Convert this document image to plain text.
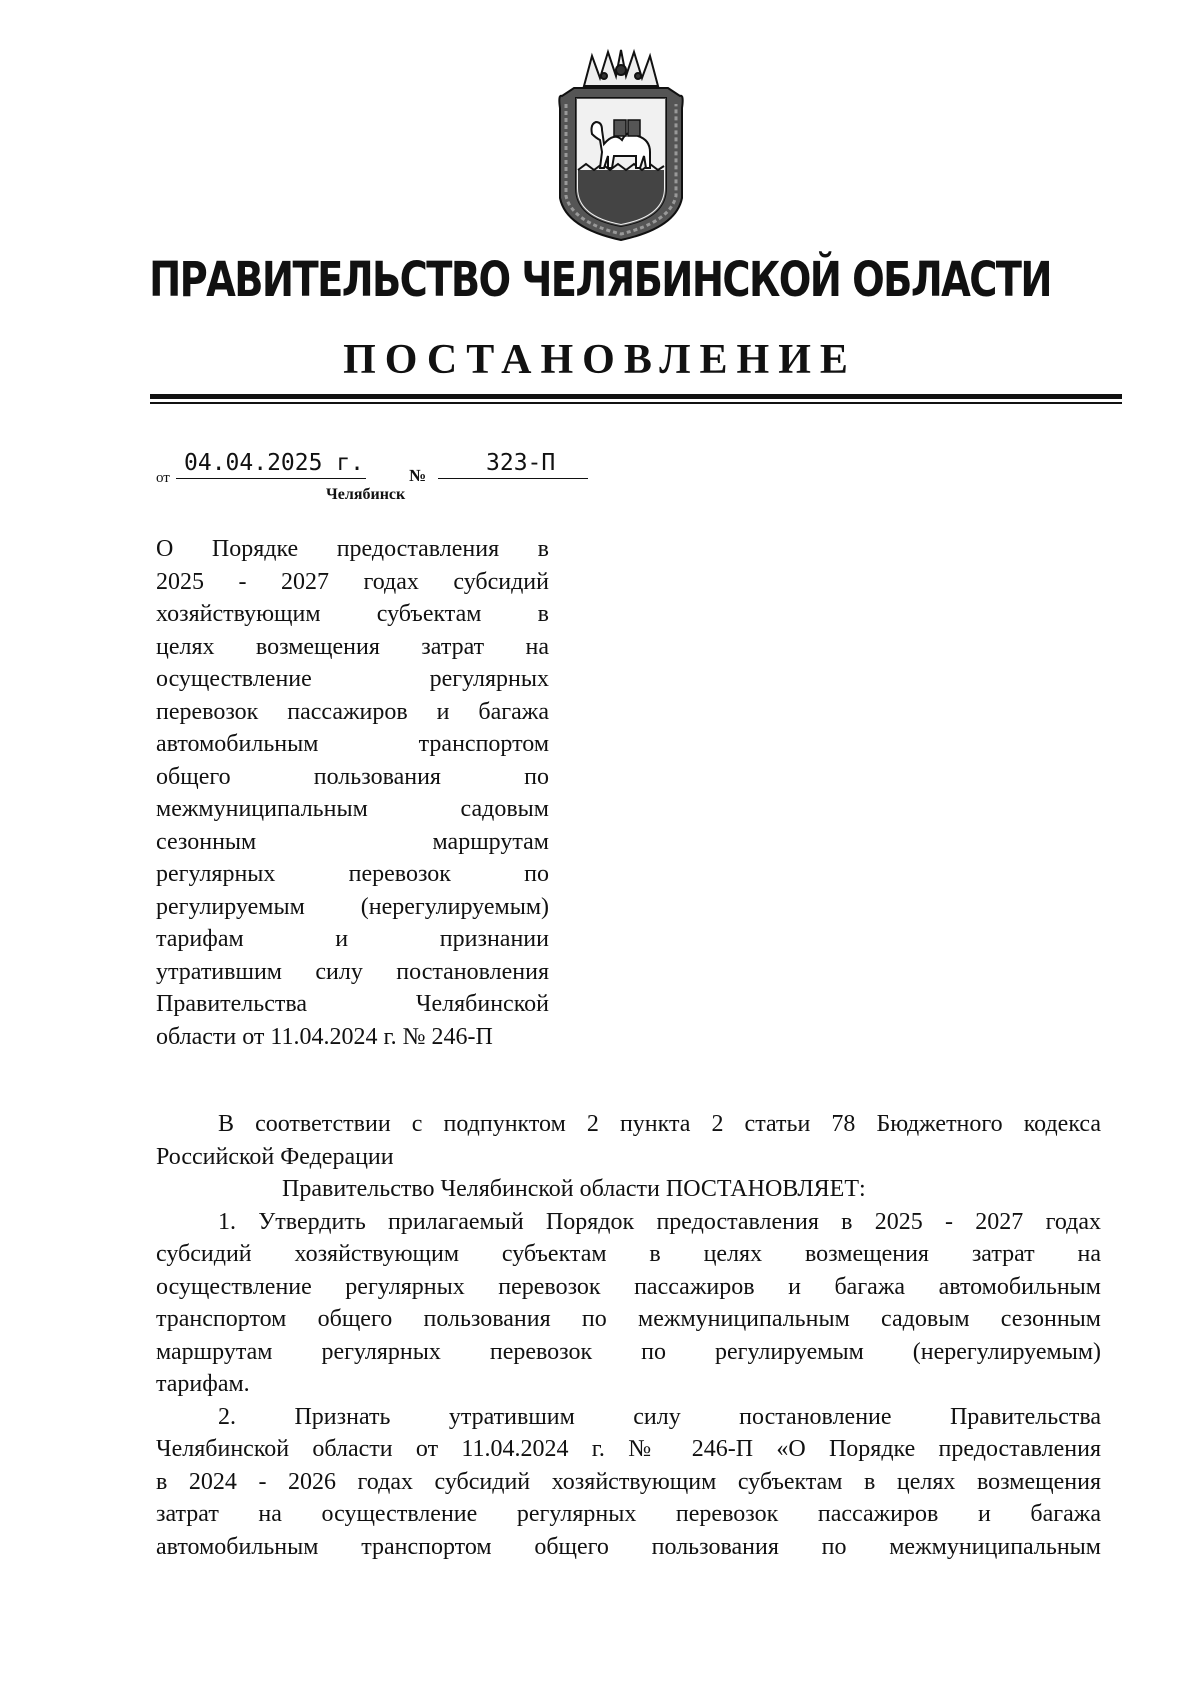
ПРАВИТЕЛЬСТВО ЧЕЛЯБИНСКОЙ ОБЛАСТИ
ПОСТАНОВЛЕНИЕ
от
04.04.2025 г.	№	323-П
Челябинск
О Порядке предоставления в
2025 - 2027 годах субсидий
хозяйствующим субъектам в
целях возмещения затрат на
осуществление регулярных
перевозок пассажиров и багажа
автомобильным транспортом
общего пользования по
межмуниципальным садовым
сезонным маршрутам
регулярных перевозок по
регулируемым (нерегулируемым)
тарифам и признании
утратившим силу постановления
Правительства Челябинской
области от 11.04.2024 г. № 246-П
В соответствии с подпунктом 2 пункта 2 статьи 78 Бюджетного кодекса
Российской Федерации
Правительство Челябинской области ПОСТАНОВЛЯЕТ:
1. Утвердить прилагаемый Порядок предоставления в 2025 - 2027 годах
субсидий хозяйствующим субъектам в целях возмещения затрат на
осуществление регулярных перевозок пассажиров и багажа автомобильным
транспортом общего пользования по межмуниципальным садовым сезонным
маршрутам регулярных перевозок по регулируемым (нерегулируемым)
тарифам.
2. Признать утратившим силу постановление Правительства
Челябинской области от 11.04.2024 г. № 246-П «О Порядке предоставления
в 2024 - 2026 годах субсидий хозяйствующим субъектам в целях возмещения
затрат на осуществление регулярных перевозок пассажиров и багажа
автомобильным транспортом общего пользования по межмуниципальным
